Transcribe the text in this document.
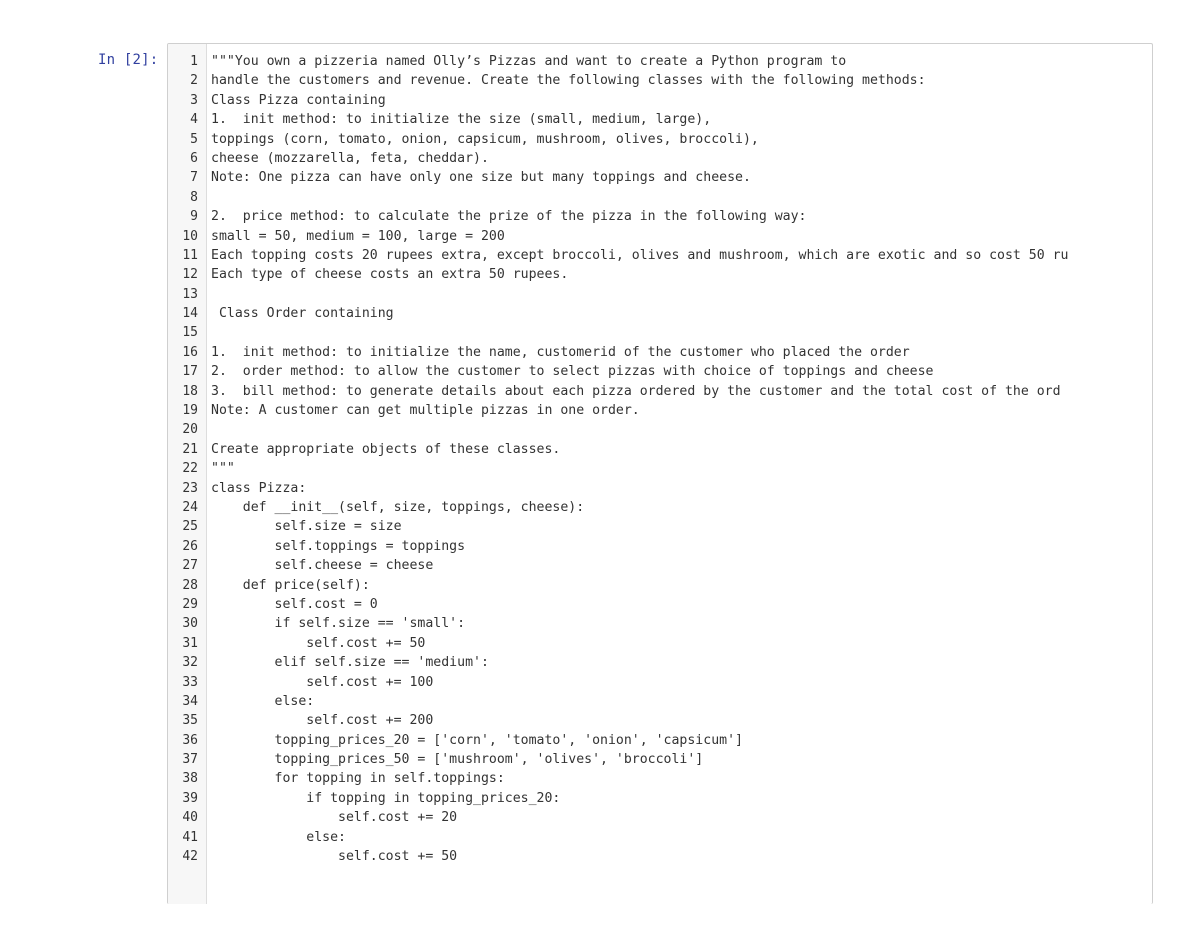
In [2]:	1 """You own a pizzeria named Olly’s Pizzas and want to create a Python program to
2 handle the customers and revenue. Create the following classes with the following methods:
3 Class Pizza containing
4 1.  init method: to initialize the size (small, medium, large),
5 toppings (corn, tomato, onion, capsicum, mushroom, olives, broccoli),
6 cheese (mozzarella, feta, cheddar).
7 Note: One pizza can have only one size but many toppings and cheese.
8
9 2.  price method: to calculate the prize of the pizza in the following way:
10 small = 50, medium = 100, large = 200
11 Each topping costs 20 rupees extra, except broccoli, olives and mushroom, which are exotic and so cost 50 ru
12 Each type of cheese costs an extra 50 rupees.
13
14 Class Order containing
15
16 1.  init method: to initialize the name, customerid of the customer who placed the order
17 2.  order method: to allow the customer to select pizzas with choice of toppings and cheese
18 3.  bill method: to generate details about each pizza ordered by the customer and the total cost of the ord
19 Note: A customer can get multiple pizzas in one order.
20
21 Create appropriate objects of these classes.
22 """
23 class Pizza:
24 def __init__(self, size, toppings, cheese):
25 self.size = size
26 self.toppings = toppings
27 self.cheese = cheese
28 def price(self):
29 self.cost = 0
30 if self.size == 'small':
31 self.cost += 50
32 elif self.size == 'medium':
33 self.cost += 100
34 else:
35 self.cost += 200
36 topping_prices_20 = ['corn', 'tomato', 'onion', 'capsicum']
37 topping_prices_50 = ['mushroom', 'olives', 'broccoli']
38 for topping in self.toppings:
39 if topping in topping_prices_20:
40 self.cost += 20
41 else:
42 self.cost += 50
